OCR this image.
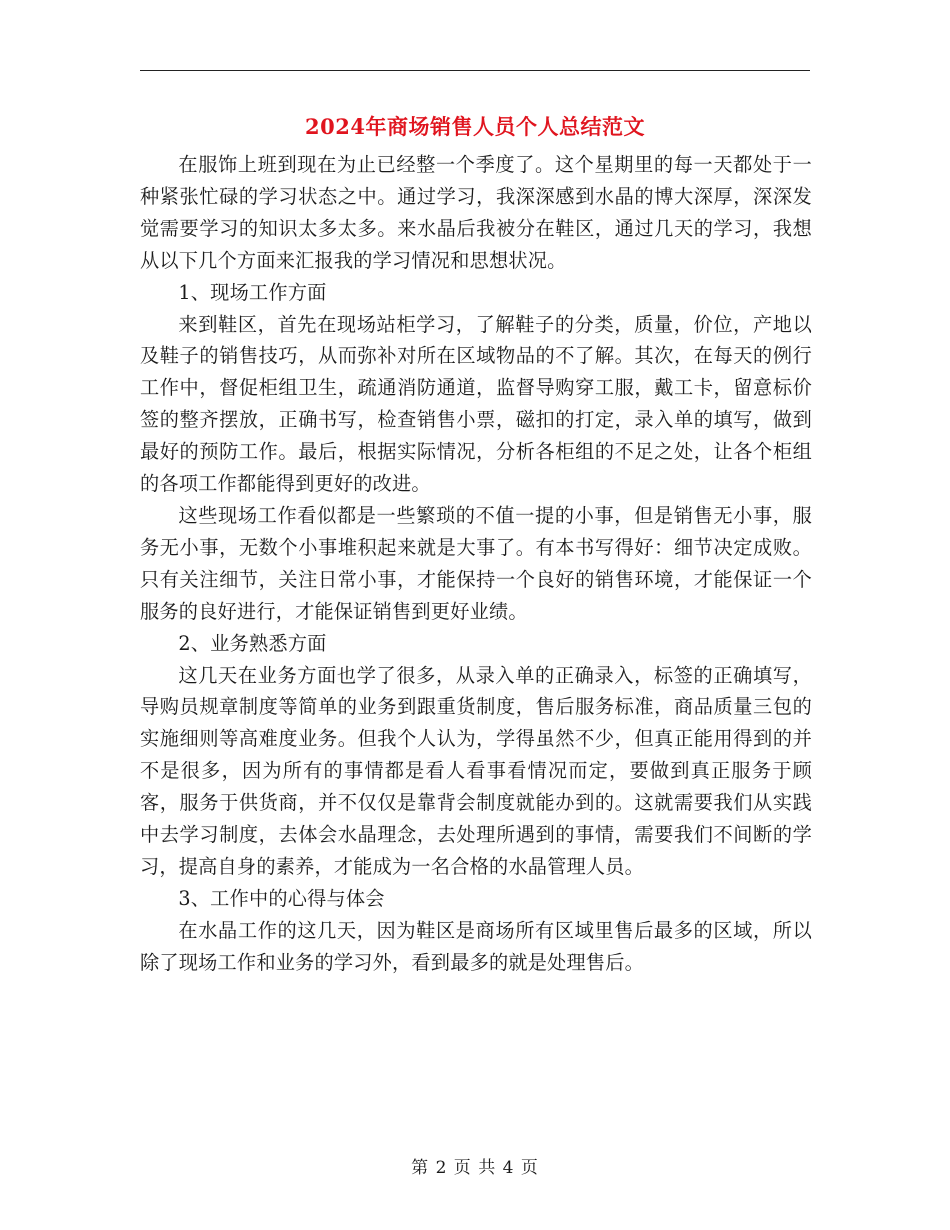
2024年商场销售人员个人总结范文

在服饰上班到现在为止已经整一个季度了。这个星期里的每一天都处于一种紧张忙碌的学习状态之中。通过学习，我深深感到水晶的博大深厚，深深发觉需要学习的知识太多太多。来水晶后我被分在鞋区，通过几天的学习，我想从以下几个方面来汇报我的学习情况和思想状况。

1、现场工作方面

来到鞋区，首先在现场站柜学习，了解鞋子的分类，质量，价位，产地以及鞋子的销售技巧，从而弥补对所在区域物品的不了解。其次，在每天的例行工作中，督促柜组卫生，疏通消防通道，监督导购穿工服，戴工卡，留意标价签的整齐摆放，正确书写，检查销售小票，磁扣的打定，录入单的填写，做到最好的预防工作。最后，根据实际情况，分析各柜组的不足之处，让各个柜组的各项工作都能得到更好的改进。

这些现场工作看似都是一些繁琐的不值一提的小事，但是销售无小事，服务无小事，无数个小事堆积起来就是大事了。有本书写得好：细节决定成败。只有关注细节，关注日常小事，才能保持一个良好的销售环境，才能保证一个服务的良好进行，才能保证销售到更好业绩。

2、业务熟悉方面

这几天在业务方面也学了很多，从录入单的正确录入，标签的正确填写，导购员规章制度等简单的业务到跟重货制度，售后服务标准，商品质量三包的实施细则等高难度业务。但我个人认为，学得虽然不少，但真正能用得到的并不是很多，因为所有的事情都是看人看事看情况而定，要做到真正服务于顾客，服务于供货商，并不仅仅是靠背会制度就能办到的。这就需要我们从实践中去学习制度，去体会水晶理念，去处理所遇到的事情，需要我们不间断的学习，提高自身的素养，才能成为一名合格的水晶管理人员。

3、工作中的心得与体会

在水晶工作的这几天，因为鞋区是商场所有区域里售后最多的区域，所以除了现场工作和业务的学习外，看到最多的就是处理售后。

第 2 页 共 4 页
